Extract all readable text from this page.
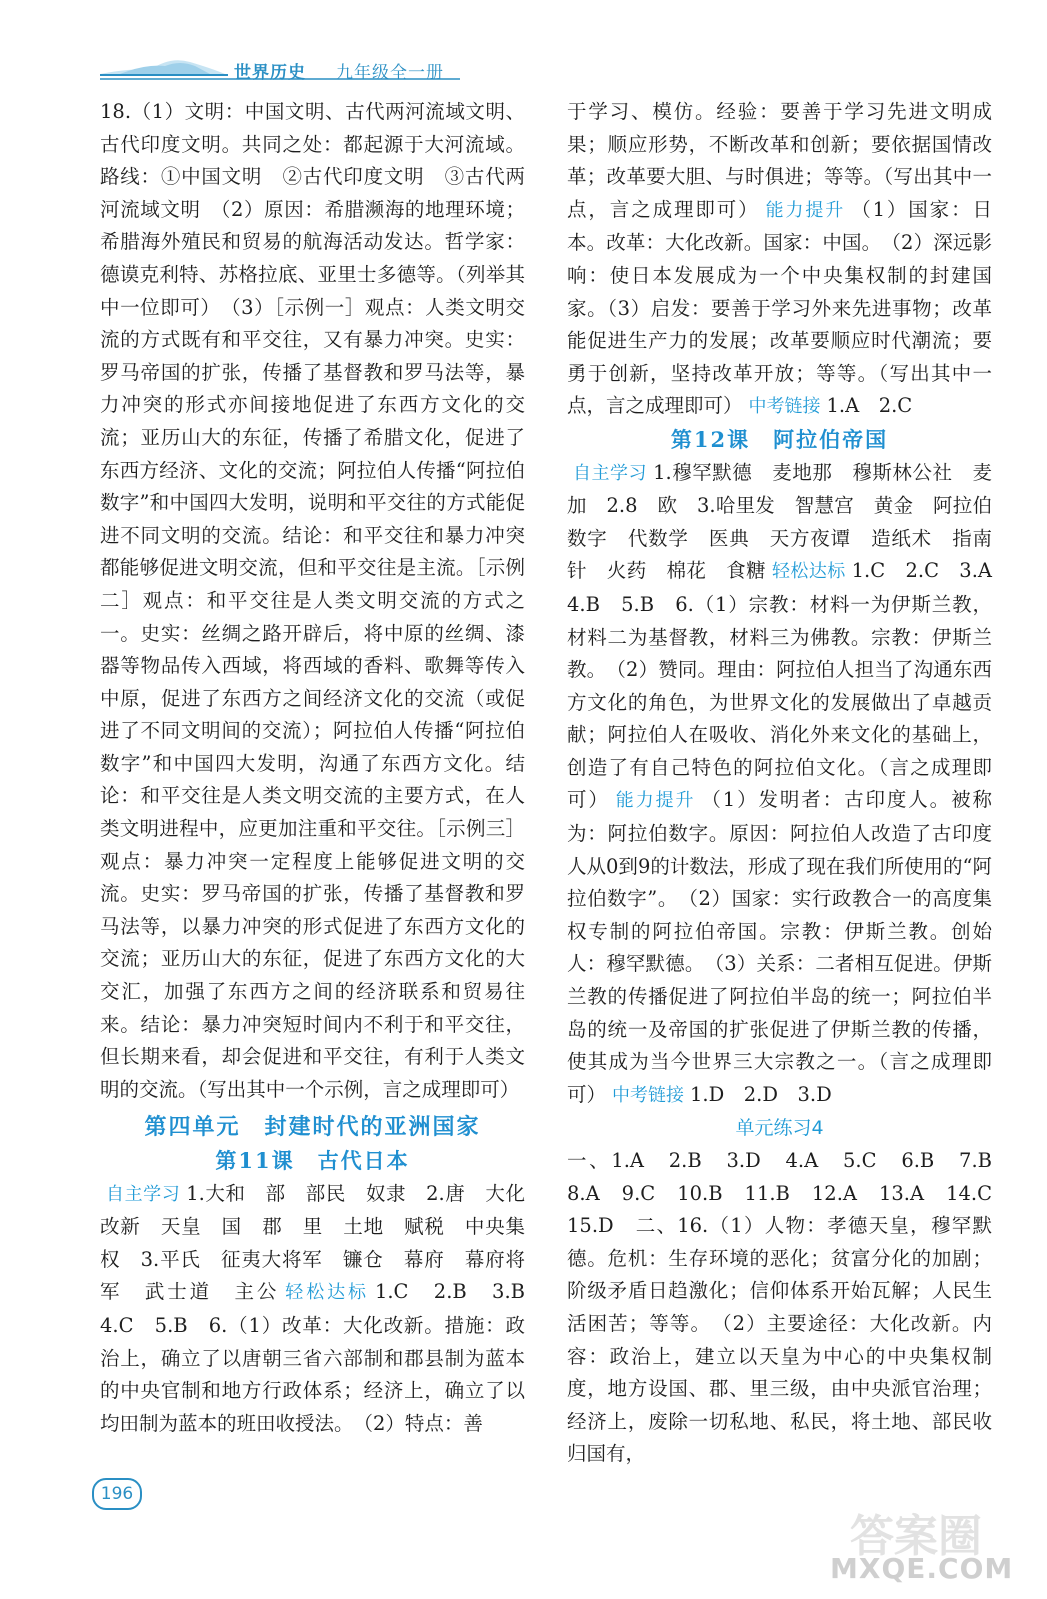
世界历史 九年级全一册

18.（1）文明：中国文明、古代两河流域文明、古代印度文明。共同之处：都起源于大河流域。路线：①中国文明　②古代印度文明　③古代两河流域文明　（2）原因：希腊濒海的地理环境；希腊海外殖民和贸易的航海活动发达。哲学家：德谟克利特、苏格拉底、亚里士多德等。（列举其中一位即可）　（3）［示例一］观点：人类文明交流的方式既有和平交往，又有暴力冲突。史实：罗马帝国的扩张，传播了基督教和罗马法等，暴力冲突的形式亦间接地促进了东西方文化的交流；亚历山大的东征，传播了希腊文化，促进了东西方经济、文化的交流；阿拉伯人传播“阿拉伯数字”和中国四大发明，说明和平交往的方式能促进不同文明的交流。结论：和平交往和暴力冲突都能够促进文明交流，但和平交往是主流。［示例二］观点：和平交往是人类文明交流的方式之一。史实：丝绸之路开辟后，将中原的丝绸、漆器等物品传入西域，将西域的香料、歌舞等传入中原，促进了东西方之间经济文化的交流（或促进了不同文明间的交流）；阿拉伯人传播“阿拉伯数字”和中国四大发明，沟通了东西方文化。结论：和平交往是人类文明交流的主要方式，在人类文明进程中，应更加注重和平交往。［示例三］观点：暴力冲突一定程度上能够促进文明的交流。史实：罗马帝国的扩张，传播了基督教和罗马法等，以暴力冲突的形式促进了东西方文化的交流；亚历山大的东征，促进了东西方文化的大交汇，加强了东西方之间的经济联系和贸易往来。结论：暴力冲突短时间内不利于和平交往，但长期来看，却会促进和平交往，有利于人类文明的交流。（写出其中一个示例，言之成理即可）

第四单元　封建时代的亚洲国家
第11课　古代日本

自主学习 1.大和　部　部民　奴隶　2.唐　大化改新　天皇　国　郡　里　土地　赋税　中央集权　3.平氏　征夷大将军　镰仓　幕府　幕府将军　武士道　主公 轻松达标 1.C　2.B　3.B　4.C　5.B　6.（1）改革：大化改新。措施：政治上，确立了以唐朝三省六部制和郡县制为蓝本的中央官制和地方行政体系；经济上，确立了以均田制为蓝本的班田收授法。　（2）特点：善

于学习、模仿。经验：要善于学习先进文明成果；顺应形势，不断改革和创新；要依据国情改革；改革要大胆、与时俱进；等等。（写出其中一点，言之成理即可） 能力提升 （1）国家：日本。改革：大化改新。国家：中国。　（2）深远影响：使日本发展成为一个中央集权制的封建国家。（3）启发：要善于学习外来先进事物；改革能促进生产力的发展；改革要顺应时代潮流；要勇于创新，坚持改革开放；等等。（写出其中一点，言之成理即可） 中考链接 1.A　2.C

第12课　阿拉伯帝国

自主学习 1.穆罕默德　麦地那　穆斯林公社　麦加　2.8　欧　3.哈里发　智慧宫　黄金　阿拉伯数字　代数学　医典　天方夜谭　造纸术　指南针　火药　棉花　食糖 轻松达标 1.C　2.C　3.A　4.B　5.B　6.（1）宗教：材料一为伊斯兰教，材料二为基督教，材料三为佛教。宗教：伊斯兰教。　（2）赞同。理由：阿拉伯人担当了沟通东西方文化的角色，为世界文化的发展做出了卓越贡献；阿拉伯人在吸收、消化外来文化的基础上，创造了有自己特色的阿拉伯文化。（言之成理即可） 能力提升 （1）发明者：古印度人。被称为：阿拉伯数字。原因：阿拉伯人改造了古印度人从0到9的计数法，形成了现在我们所使用的“阿拉伯数字”。　（2）国家：实行政教合一的高度集权专制的阿拉伯帝国。宗教：伊斯兰教。创始人：穆罕默德。　（3）关系：二者相互促进。伊斯兰教的传播促进了阿拉伯半岛的统一；阿拉伯半岛的统一及帝国的扩张促进了伊斯兰教的传播，使其成为当今世界三大宗教之一。（言之成理即可） 中考链接 1.D　2.D　3.D

单元练习4

一、1.A　2.B　3.D　4.A　5.C　6.B　7.B　8.A　9.C　10.B　11.B　12.A　13.A　14.C　15.D　二、16.（1）人物：孝德天皇，穆罕默德。危机：生存环境的恶化；贫富分化的加剧；阶级矛盾日趋激化；信仰体系开始瓦解；人民生活困苦；等等。　（2）主要途径：大化改新。内容：政治上，建立以天皇为中心的中央集权制度，地方设国、郡、里三级，由中央派官治理；经济上，废除一切私地、私民，将土地、部民收归国有，

196
答案圈
MXQE.COM
